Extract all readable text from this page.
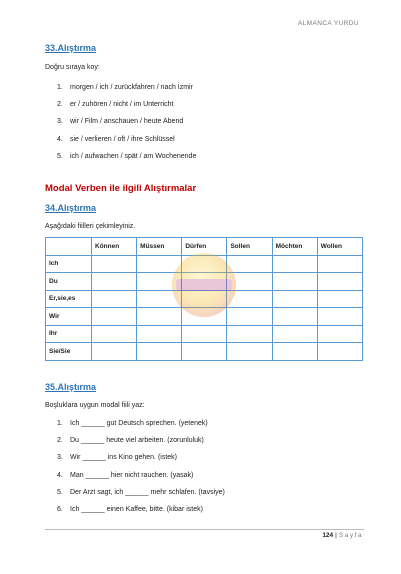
ALMANCA YURDU
33.Alıştırma
Doğru sıraya koy:
1. morgen / ich / zurückfahren / nach İzmir
2. er / zuhören / nicht / im Unterricht
3. wir / Film / anschauen / heute Abend
4. sie / verlieren / oft / ihre Schlüssel
5. ich / aufwachen / spät / am Wochenende
Modal Verben ile ilgili Alıştırmalar
34.Alıştırma
Aşağıdaki fiilleri çekimleyiniz.
	Können	Müssen	Dürfen	Sollen	Möchten	Wollen
Ich						
Du						
Er,sie,es						
Wir						
Ihr						
Sie/Sie						
35.Alıştırma
Boşluklara uygun modal fiili yaz:
1. Ich ______ gut Deutsch sprechen. (yetenek)
2. Du ______ heute viel arbeiten. (zorunluluk)
3. Wir ______ ins Kino gehen. (istek)
4. Man ______ hier nicht rauchen. (yasak)
5. Der Arzt sagt, ich ______ mehr schlafen. (tavsiye)
6. Ich ______ einen Kaffee, bitte. (kibar istek)
124 | Sayfa
